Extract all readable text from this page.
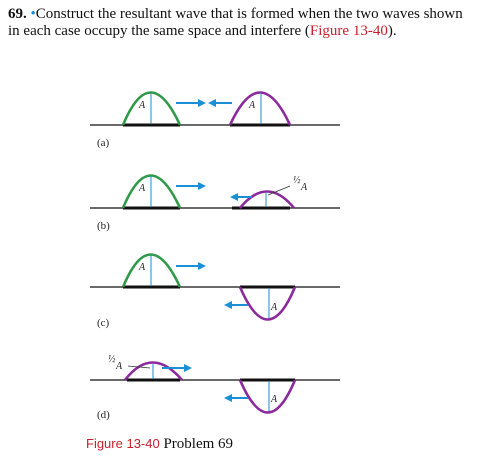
69. •Construct the resultant wave that is formed when the two waves shown in each case occupy the same space and interfere (Figure 13-40).
A	A
(a)
A
½
A
(b)
A
A
(c)
½
A
A
(d)
Figure 13-40 Problem 69
